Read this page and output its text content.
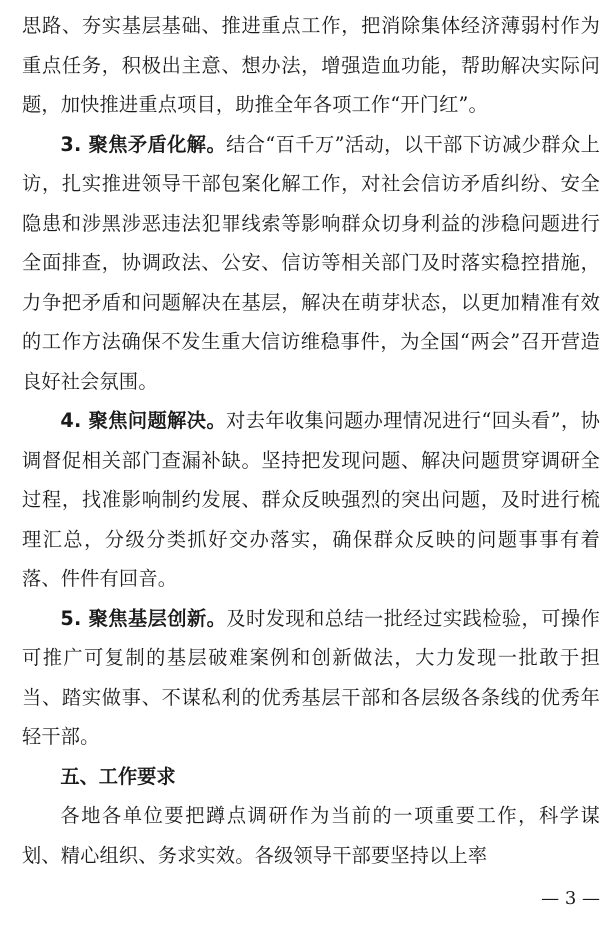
思路、夯实基层基础、推进重点工作，把消除集体经济薄弱村作为重点任务，积极出主意、想办法，增强造血功能，帮助解决实际问题，加快推进重点项目，助推全年各项工作“开门红”。

3. 聚焦矛盾化解。结合“百千万”活动，以干部下访减少群众上访，扎实推进领导干部包案化解工作，对社会信访矛盾纠纷、安全隐患和涉黑涉恶违法犯罪线索等影响群众切身利益的涉稳问题进行全面排查，协调政法、公安、信访等相关部门及时落实稳控措施，力争把矛盾和问题解决在基层，解决在萌芽状态，以更加精准有效的工作方法确保不发生重大信访维稳事件，为全国“两会”召开营造良好社会氛围。

4. 聚焦问题解决。对去年收集问题办理情况进行“回头看”，协调督促相关部门查漏补缺。坚持把发现问题、解决问题贯穿调研全过程，找准影响制约发展、群众反映强烈的突出问题，及时进行梳理汇总，分级分类抓好交办落实，确保群众反映的问题事事有着落、件件有回音。

5. 聚焦基层创新。及时发现和总结一批经过实践检验，可操作可推广可复制的基层破难案例和创新做法，大力发现一批敢于担当、踏实做事、不谋私利的优秀基层干部和各层级各条线的优秀年轻干部。

五、工作要求

各地各单位要把蹲点调研作为当前的一项重要工作，科学谋划、精心组织、务求实效。各级领导干部要坚持以上率

— 3 —
